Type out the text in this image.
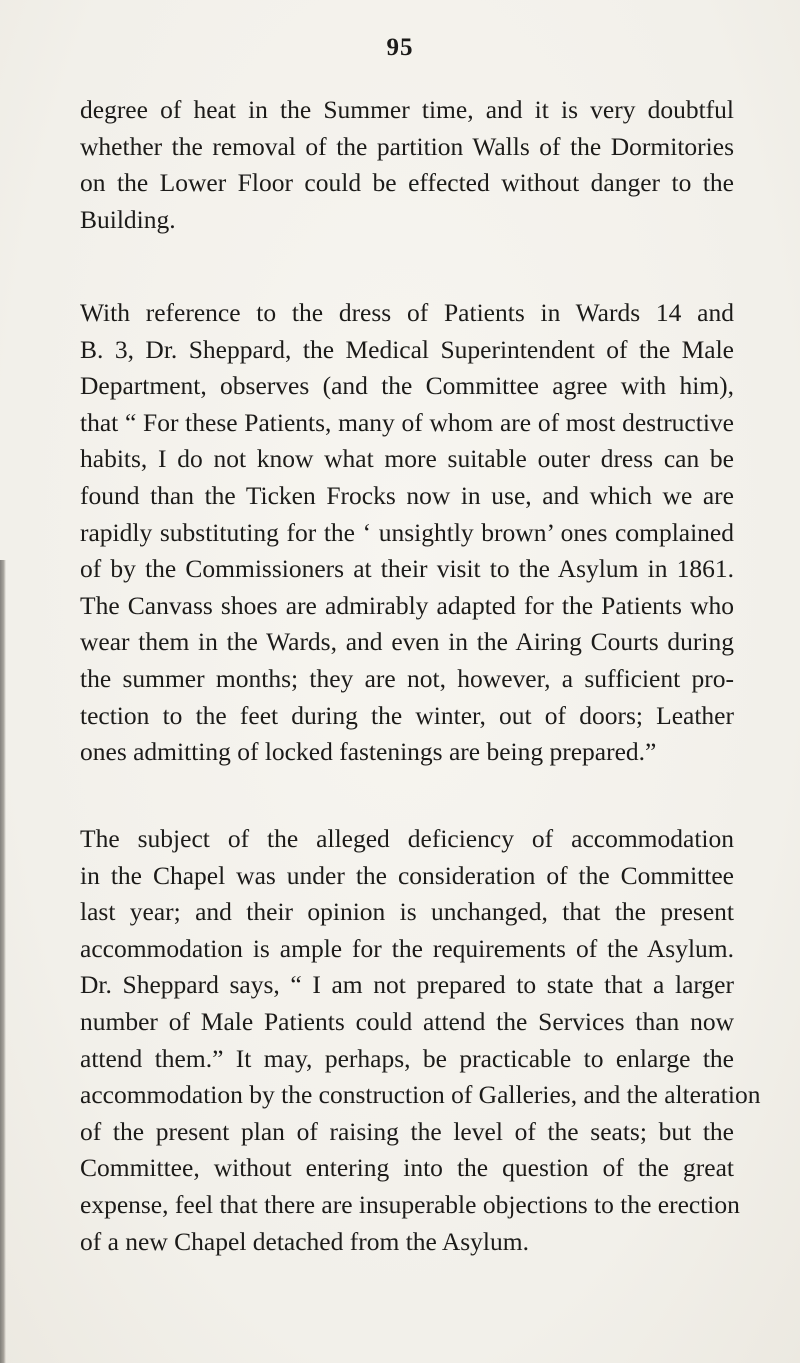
95
degree of heat in the Summer time, and it is very doubtful
whether the removal of the partition Walls of the Dormitories
on the Lower Floor could be effected without danger to the
Building.
With reference to the dress of Patients in Wards 14 and
B. 3, Dr. Sheppard, the Medical Superintendent of the Male
Department, observes (and the Committee agree with him),
that “ For these Patients, many of whom are of most destructive
habits, I do not know what more suitable outer dress can be
found than the Ticken Frocks now in use, and which we are
rapidly substituting for the ‘ unsightly brown’ ones complained
of by the Commissioners at their visit to the Asylum in 1861.
The Canvass shoes are admirably adapted for the Patients who
wear them in the Wards, and even in the Airing Courts during
the summer months; they are not, however, a sufficient pro-
tection to the feet during the winter, out of doors; Leather
ones admitting of locked fastenings are being prepared.”
The subject of the alleged deficiency of accommodation
in the Chapel was under the consideration of the Committee
last year; and their opinion is unchanged, that the present
accommodation is ample for the requirements of the Asylum.
Dr. Sheppard says, “ I am not prepared to state that a larger
number of Male Patients could attend the Services than now
attend them.” It may, perhaps, be practicable to enlarge the
accommodation by the construction of Galleries, and the alteration
of the present plan of raising the level of the seats; but the
Committee, without entering into the question of the great
expense, feel that there are insuperable objections to the erection
of a new Chapel detached from the Asylum.
